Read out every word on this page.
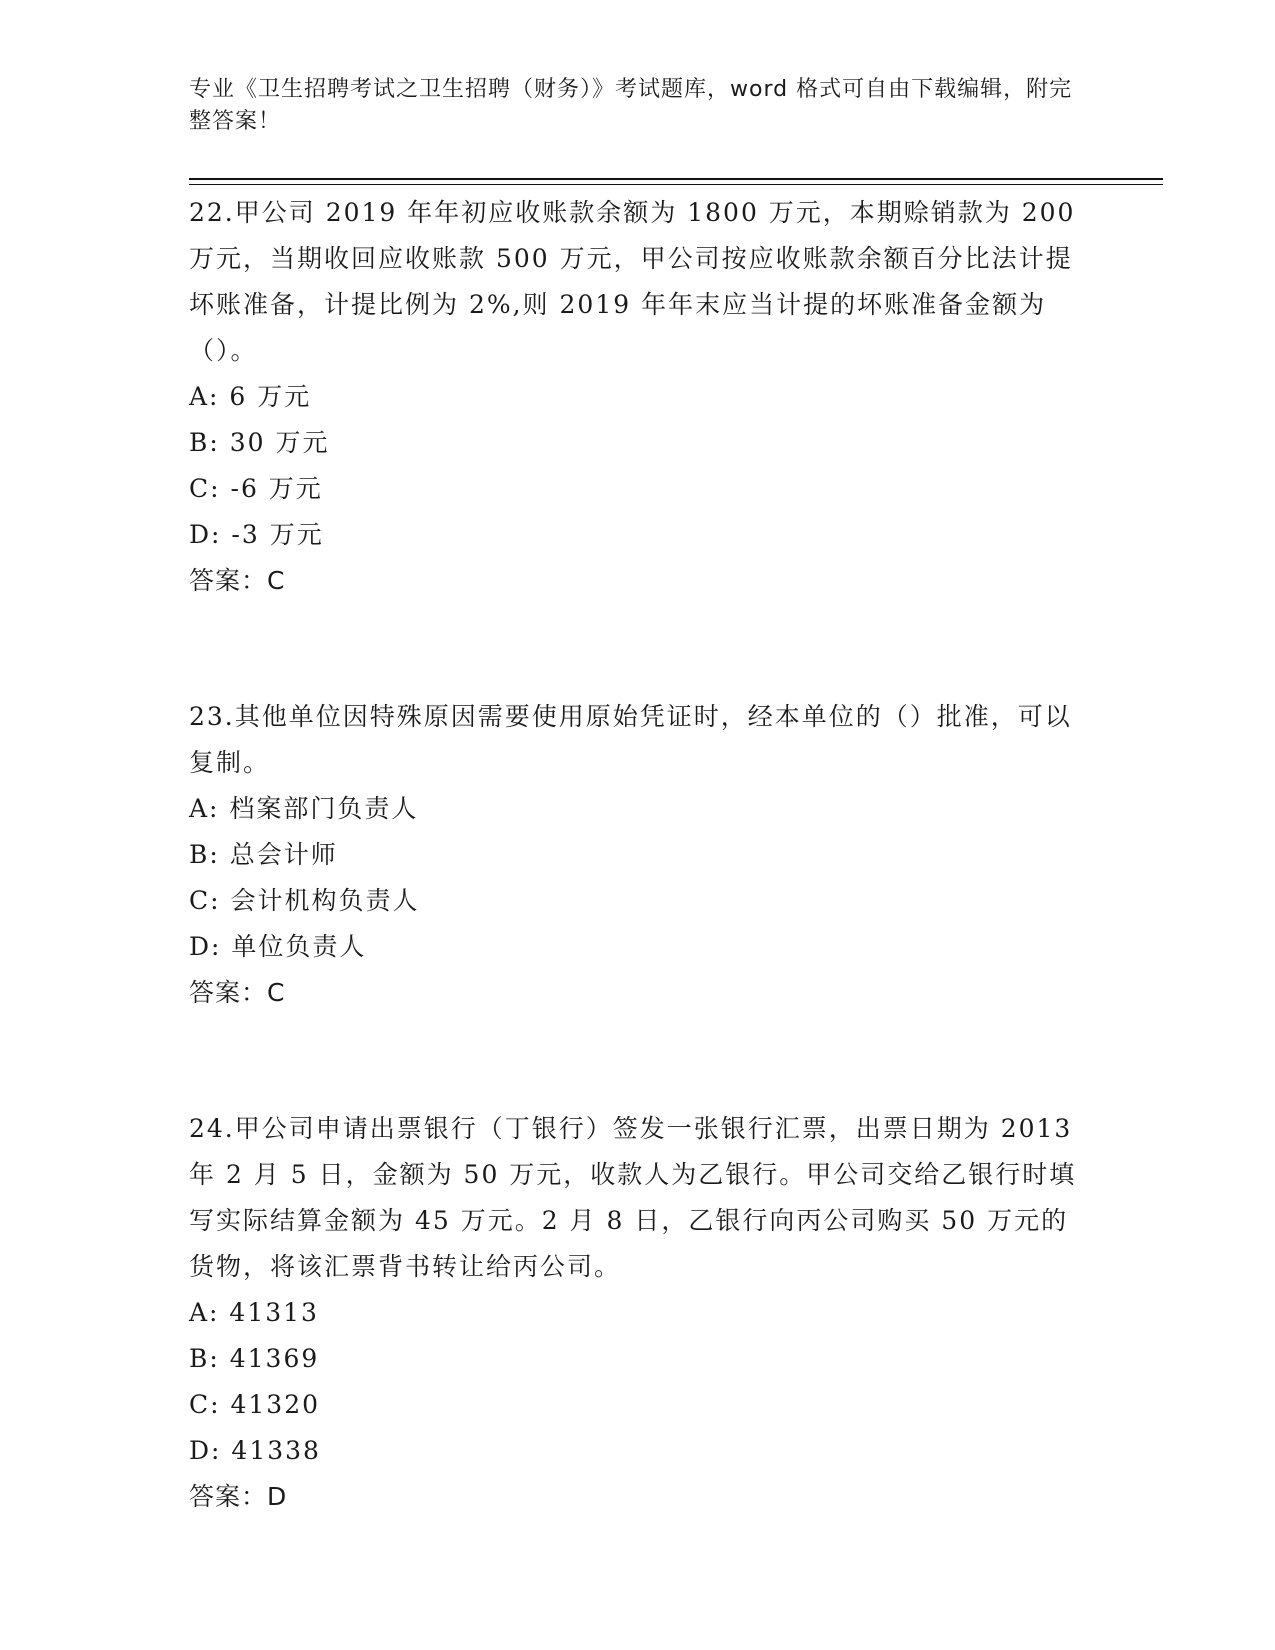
专业《卫生招聘考试之卫生招聘（财务）》考试题库，word 格式可自由下载编辑，附完整答案！

22.甲公司 2019 年年初应收账款余额为 1800 万元，本期赊销款为 200 万元，当期收回应收账款 500 万元，甲公司按应收账款余额百分比法计提坏账准备，计提比例为 2%,则 2019 年年末应当计提的坏账准备金额为（）。

A: 6 万元

B: 30 万元

C: -6 万元

D: -3 万元

答案：C

23.其他单位因特殊原因需要使用原始凭证时，经本单位的（）批准，可以复制。

A: 档案部门负责人

B: 总会计师

C: 会计机构负责人

D: 单位负责人

答案：C

24.甲公司申请出票银行（丁银行）签发一张银行汇票，出票日期为 2013 年 2 月 5 日，金额为 50 万元，收款人为乙银行。甲公司交给乙银行时填写实际结算金额为 45 万元。2 月 8 日，乙银行向丙公司购买 50 万元的货物，将该汇票背书转让给丙公司。

A: 41313

B: 41369

C: 41320

D: 41338

答案：D
